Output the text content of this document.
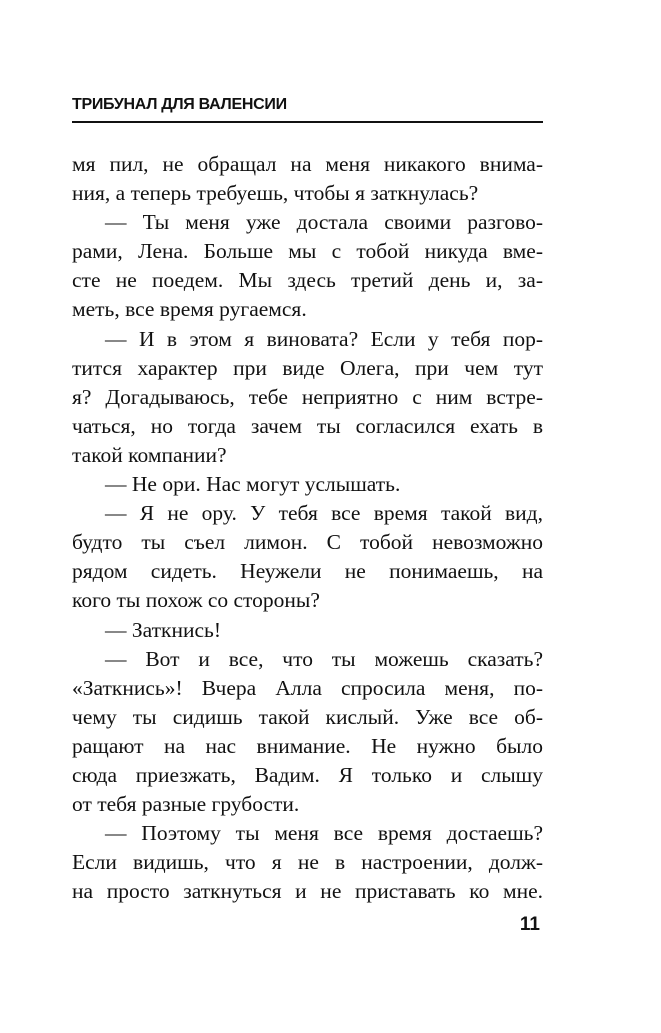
ТРИБУНАЛ ДЛЯ ВАЛЕНСИИ
мя пил, не обращал на меня никакого внима-
ния, а теперь требуешь, чтобы я заткнулась?
— Ты меня уже достала своими разгово-
рами, Лена. Больше мы с тобой никуда вме-
сте не поедем. Мы здесь третий день и, за-
меть, все время ругаемся.
— И в этом я виновата? Если у тебя пор-
тится характер при виде Олега, при чем тут
я? Догадываюсь, тебе неприятно с ним встре-
чаться, но тогда зачем ты согласился ехать в
такой компании?
— Не ори. Нас могут услышать.
— Я не ору. У тебя все время такой вид,
будто ты съел лимон. С тобой невозможно
рядом сидеть. Неужели не понимаешь, на
кого ты похож со стороны?
— Заткнись!
— Вот и все, что ты можешь сказать?
«Заткнись»! Вчера Алла спросила меня, по-
чему ты сидишь такой кислый. Уже все об-
ращают на нас внимание. Не нужно было
сюда приезжать, Вадим. Я только и слышу
от тебя разные грубости.
— Поэтому ты меня все время достаешь?
Если видишь, что я не в настроении, долж-
на просто заткнуться и не приставать ко мне.
11
